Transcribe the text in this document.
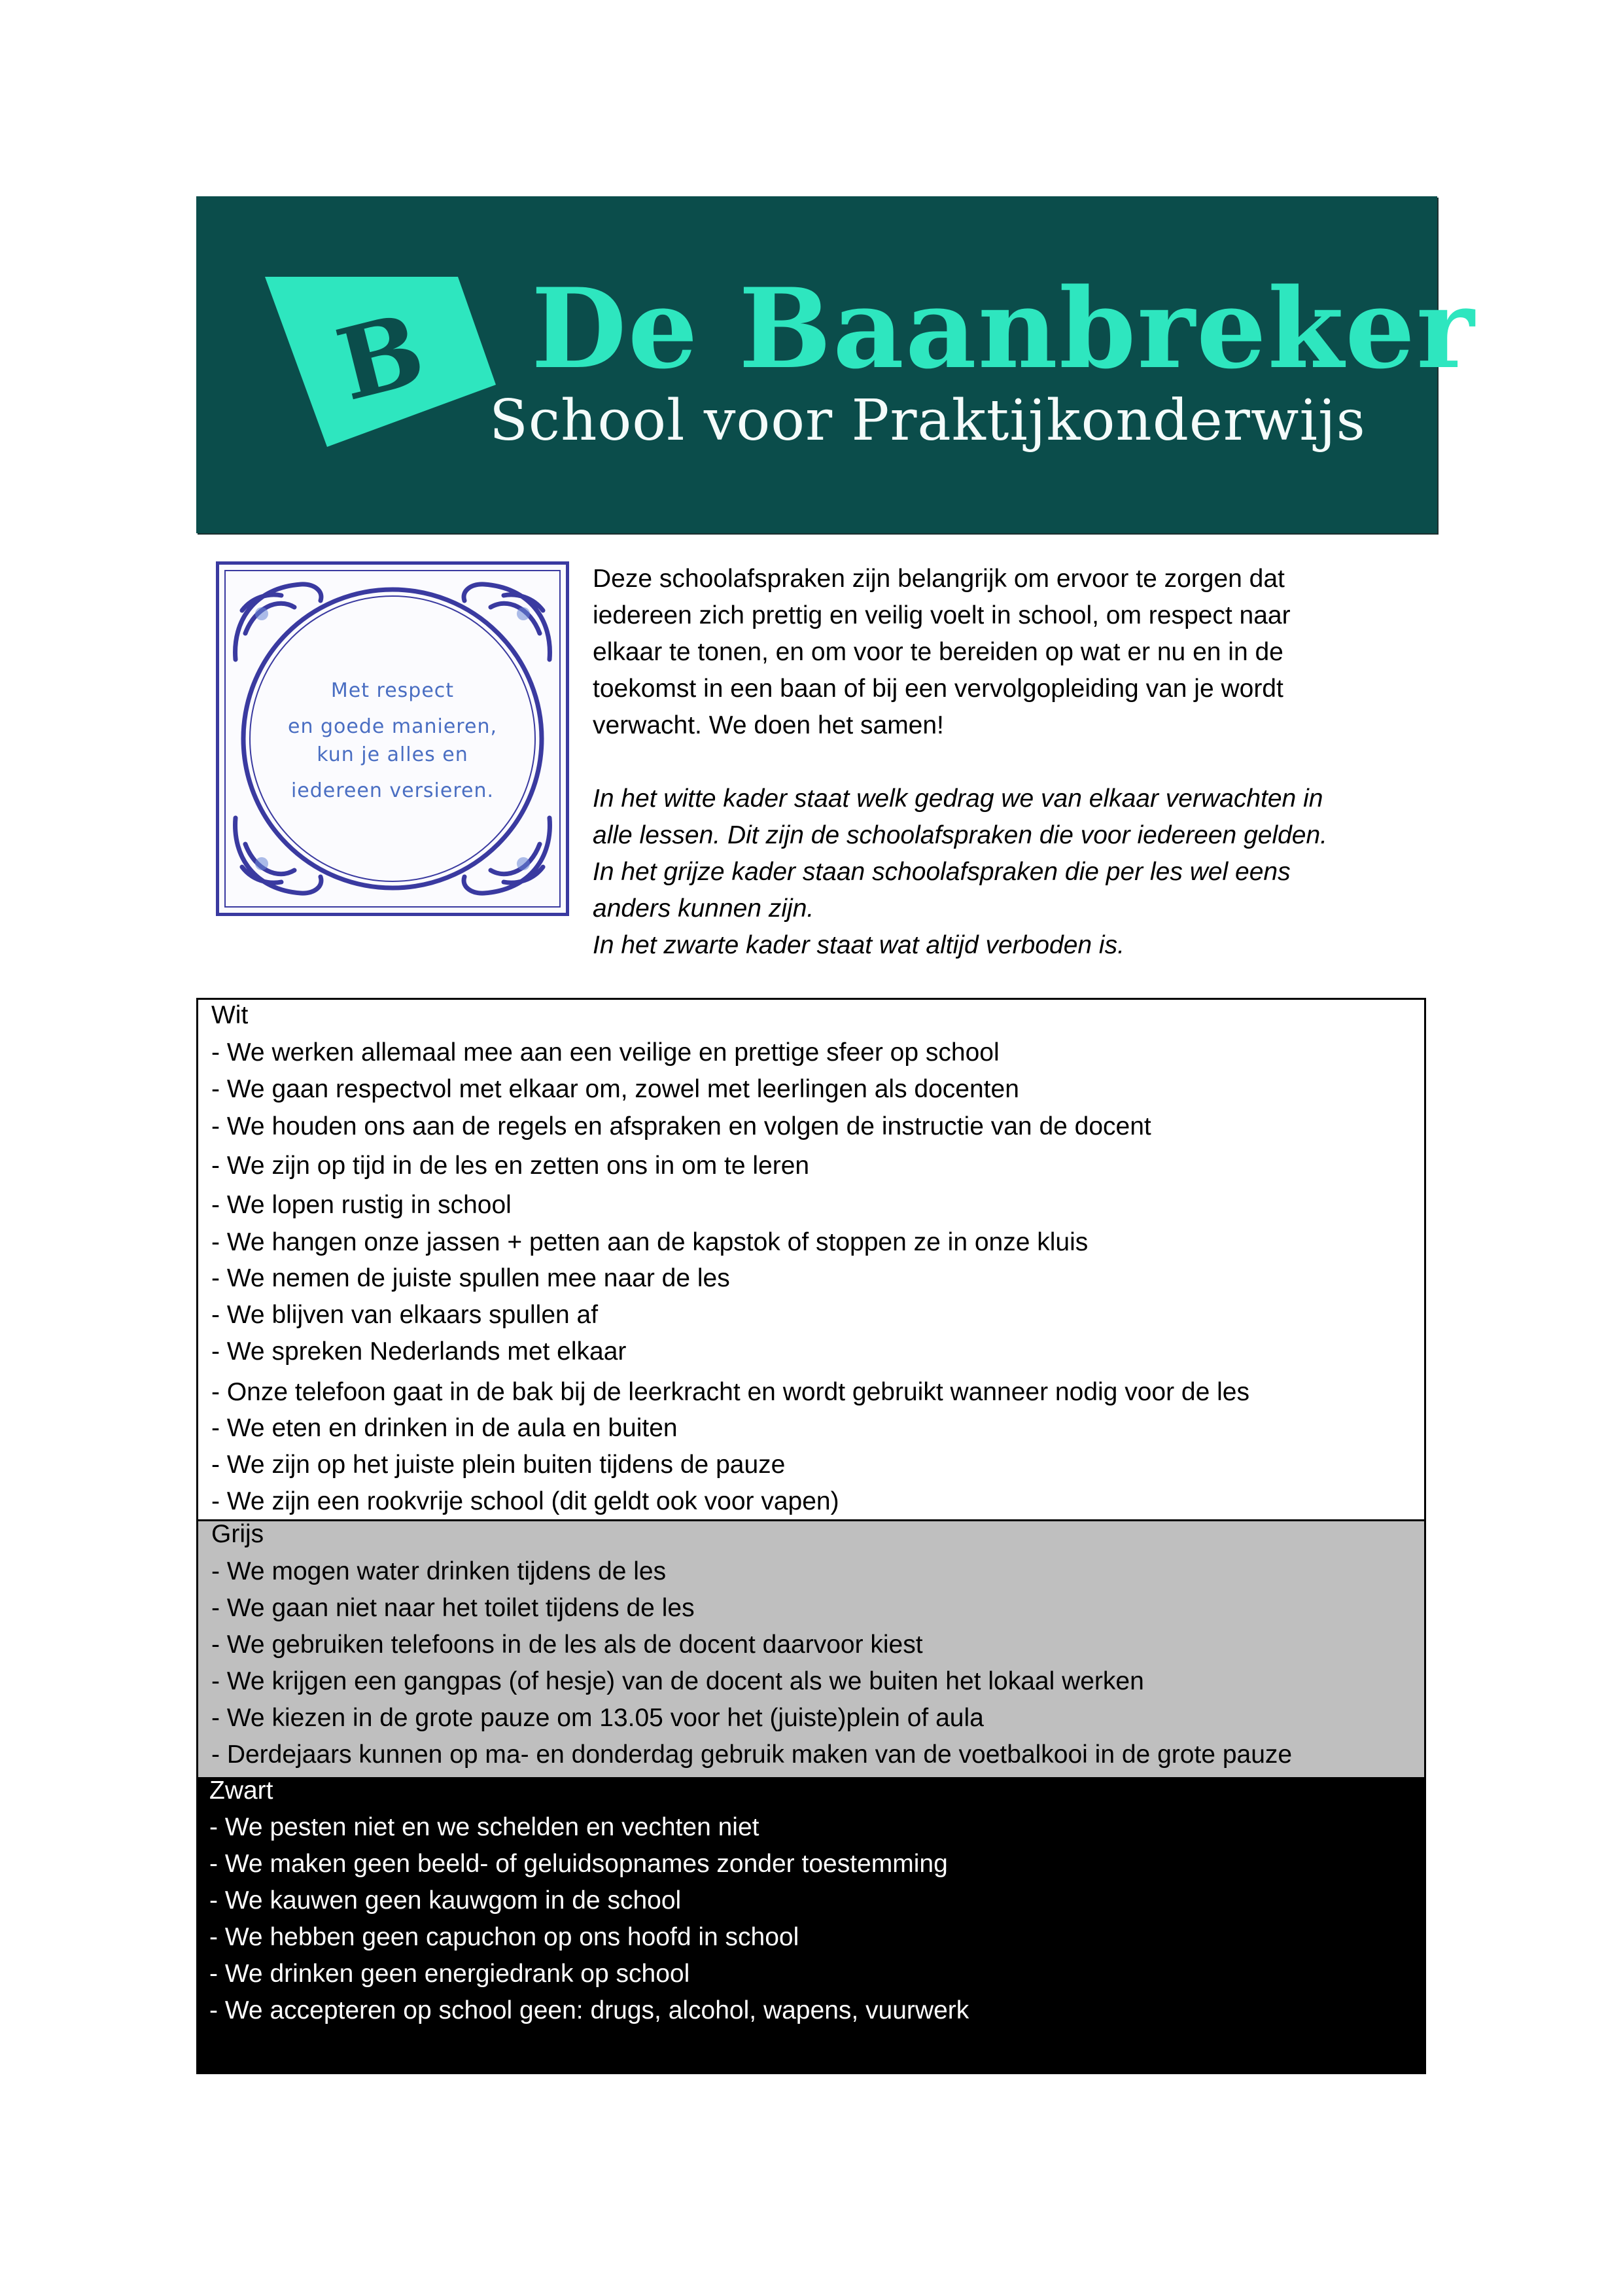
B De Baanbreker
School voor Praktijkonderwijs
Met respect
en goede manieren,
kun je alles en
iedereen versieren.

Deze schoolafspraken zijn belangrijk om ervoor te zorgen dat
iedereen zich prettig en veilig voelt in school, om respect naar
elkaar te tonen, en om voor te bereiden op wat er nu en in de
toekomst in een baan of bij een vervolgopleiding van je wordt
verwacht. We doen het samen!

In het witte kader staat welk gedrag we van elkaar verwachten in
alle lessen. Dit zijn de schoolafspraken die voor iedereen gelden.
In het grijze kader staan schoolafspraken die per les wel eens
anders kunnen zijn.
In het zwarte kader staat wat altijd verboden is.

Wit
- We werken allemaal mee aan een veilige en prettige sfeer op school
- We gaan respectvol met elkaar om, zowel met leerlingen als docenten
- We houden ons aan de regels en afspraken en volgen de instructie van de docent
- We zijn op tijd in de les en zetten ons in om te leren
- We lopen rustig in school
- We hangen onze jassen + petten aan de kapstok of stoppen ze in onze kluis
- We nemen de juiste spullen mee naar de les
- We blijven van elkaars spullen af
- We spreken Nederlands met elkaar
- Onze telefoon gaat in de bak bij de leerkracht en wordt gebruikt wanneer nodig voor de les
- We eten en drinken in de aula en buiten
- We zijn op het juiste plein buiten tijdens de pauze
- We zijn een rookvrije school (dit geldt ook voor vapen)
Grijs
- We mogen water drinken tijdens de les
- We gaan niet naar het toilet tijdens de les
- We gebruiken telefoons in de les als de docent daarvoor kiest
- We krijgen een gangpas (of hesje) van de docent als we buiten het lokaal werken
- We kiezen in de grote pauze om 13.05 voor het (juiste)plein of aula
- Derdejaars kunnen op ma- en donderdag gebruik maken van de voetbalkooi in de grote pauze
Zwart
- We pesten niet en we schelden en vechten niet
- We maken geen beeld- of geluidsopnames zonder toestemming
- We kauwen geen kauwgom in de school
- We hebben geen capuchon op ons hoofd in school
- We drinken geen energiedrank op school
- We accepteren op school geen: drugs, alcohol, wapens, vuurwerk
